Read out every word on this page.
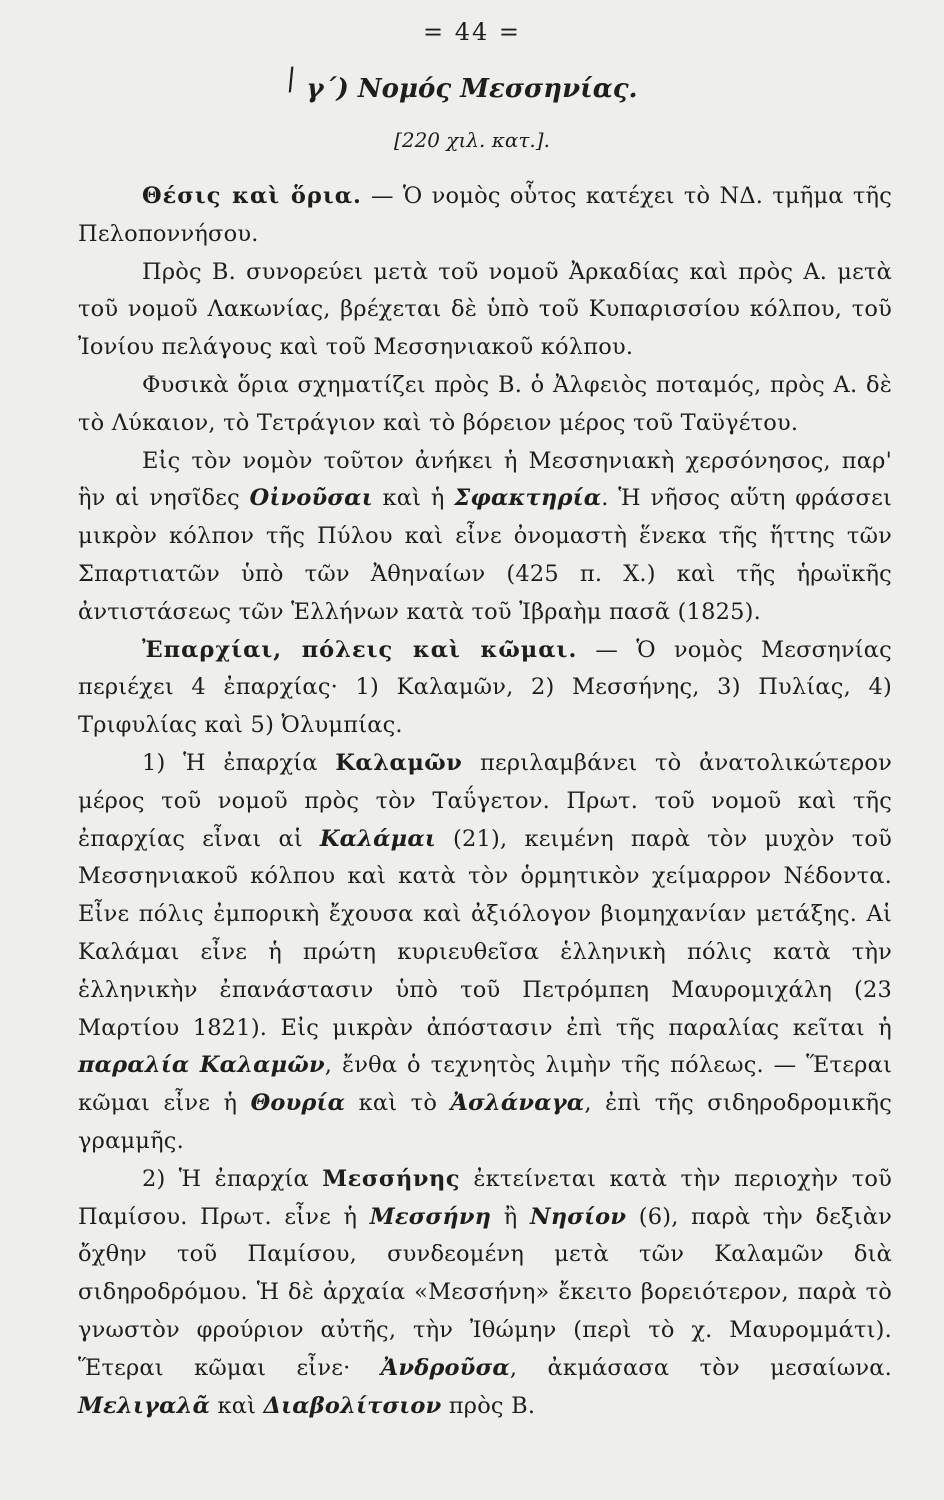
= 44 =
/ γ΄) Νομός Μεσσηνίας.
[220 χιλ. κατ.].

Θέσις καὶ ὅρια. — Ὁ νομὸς οὗτος κατέχει τὸ ΝΔ. τμῆμα τῆς Πελοποννήσου.

Πρὸς Β. συνορεύει μετὰ τοῦ νομοῦ Ἀρκαδίας καὶ πρὸς Α. μετὰ τοῦ νομοῦ Λακωνίας, βρέχεται δὲ ὑπὸ τοῦ Κυπαρισσίου κόλπου, τοῦ Ἰονίου πελάγους καὶ τοῦ Μεσσηνιακοῦ κόλπου.

Φυσικὰ ὅρια σχηματίζει πρὸς Β. ὁ Ἀλφειὸς ποταμός, πρὸς Α. δὲ τὸ Λύκαιον, τὸ Τετράγιον καὶ τὸ βόρειον μέρος τοῦ Ταϋγέτου.

Εἰς τὸν νομὸν τοῦτον ἀνήκει ἡ Μεσσηνιακὴ χερσόνησος, παρ' ἣν αἱ νησῖδες Οἰνοῦσαι καὶ ἡ Σφακτηρία. Ἡ νῆσος αὕτη φράσσει μικρὸν κόλπον τῆς Πύλου καὶ εἶνε ὀνομαστὴ ἕνεκα τῆς ἥττης τῶν Σπαρτιατῶν ὑπὸ τῶν Ἀθηναίων (425 π. Χ.) καὶ τῆς ἡρωϊκῆς ἀντιστάσεως τῶν Ἑλλήνων κατὰ τοῦ Ἰβραὴμ πασᾶ (1825).

Ἐπαρχίαι, πόλεις καὶ κῶμαι. — Ὁ νομὸς Μεσσηνίας περιέχει 4 ἐπαρχίας· 1) Καλαμῶν, 2) Μεσσήνης, 3) Πυλίας, 4) Τριφυλίας καὶ 5) Ὀλυμπίας.

1) Ἡ ἐπαρχία Καλαμῶν περιλαμβάνει τὸ ἀνατολικώτερον μέρος τοῦ νομοῦ πρὸς τὸν Ταΰγετον. Πρωτ. τοῦ νομοῦ καὶ τῆς ἐπαρχίας εἶναι αἱ Καλάμαι (21), κειμένη παρὰ τὸν μυχὸν τοῦ Μεσσηνιακοῦ κόλπου καὶ κατὰ τὸν ὁρμητικὸν χείμαρρον Νέδοντα. Εἶνε πόλις ἐμπορικὴ ἔχουσα καὶ ἀξιόλογον βιομηχανίαν μετάξης. Αἱ Καλάμαι εἶνε ἡ πρώτη κυριευθεῖσα ἑλληνικὴ πόλις κατὰ τὴν ἑλληνικὴν ἐπανάστασιν ὑπὸ τοῦ Πετρόμπεη Μαυρομιχάλη (23 Μαρτίου 1821). Εἰς μικρὰν ἀπόστασιν ἐπὶ τῆς παραλίας κεῖται ἡ παραλία Καλαμῶν, ἔνθα ὁ τεχνητὸς λιμὴν τῆς πόλεως. — Ἕτεραι κῶμαι εἶνε ἡ Θουρία καὶ τὸ Ἀσλάναγα, ἐπὶ τῆς σιδηροδρομικῆς γραμμῆς.

2) Ἡ ἐπαρχία Μεσσήνης ἐκτείνεται κατὰ τὴν περιοχὴν τοῦ Παμίσου. Πρωτ. εἶνε ἡ Μεσσήνη ἢ Νησίον (6), παρὰ τὴν δεξιὰν ὄχθην τοῦ Παμίσου, συνδεομένη μετὰ τῶν Καλαμῶν διὰ σιδηροδρόμου. Ἡ δὲ ἀρχαία «Μεσσήνη» ἔκειτο βορειότερον, παρὰ τὸ γνωστὸν φρούριον αὐτῆς, τὴν Ἰθώμην (περὶ τὸ χ. Μαυρομμάτι). Ἕτεραι κῶμαι εἶνε· Ἀνδροῦσα, ἀκμάσασα τὸν μεσαίωνα. Μελιγαλᾶ καὶ Διαβολίτσιον πρὸς Β.
